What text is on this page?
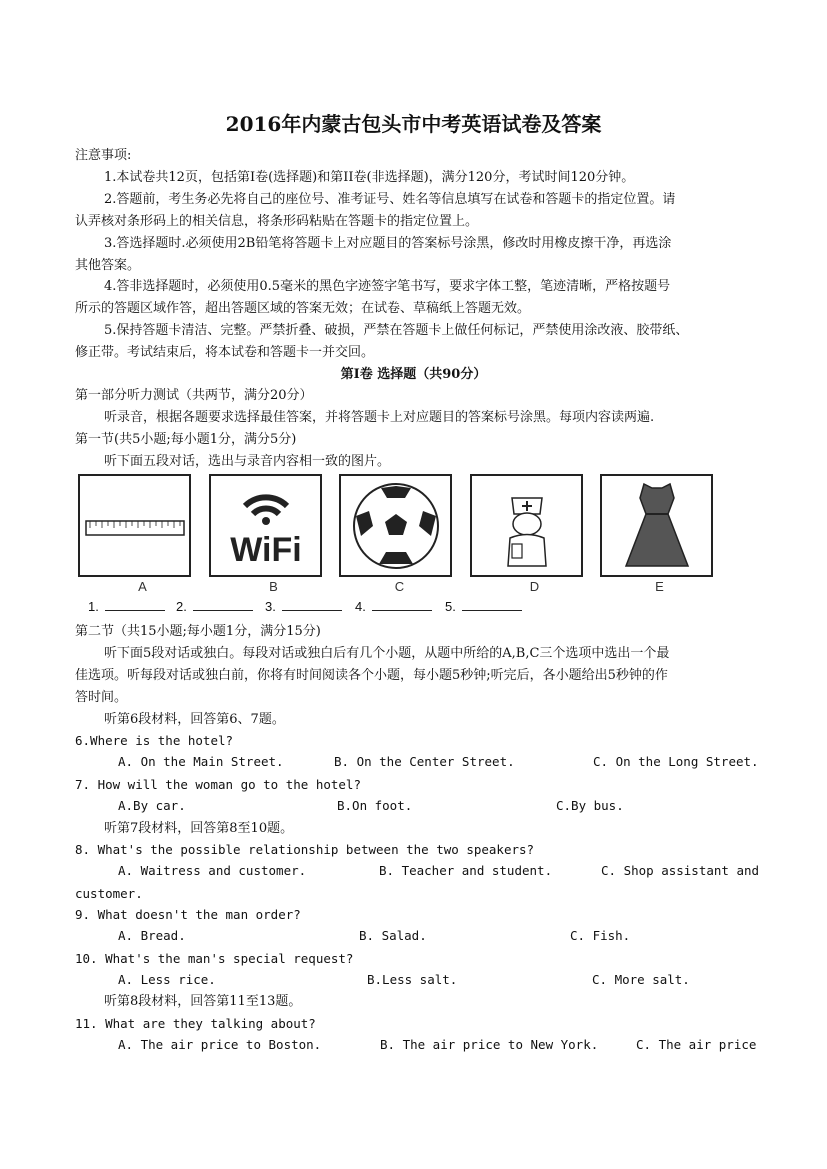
2016年内蒙古包头市中考英语试卷及答案
注意事项:
1.本试卷共12页，包括第Ⅰ卷(选择题)和第II卷(非选择题)，满分120分，考试时间120分钟。
2.答题前，考生务必先将自己的座位号、准考证号、姓名等信息填写在试卷和答题卡的指定位置。请
认弄核对条形码上的相关信息，将条形码粘贴在答题卡的指定位置上。
3.答选择题时.必须使用2B铅笔将答题卡上对应题目的答案标号涂黑，修改时用橡皮擦干净，再选涂
其他答案。
4.答非选择题时，必须使用0.5毫米的黑色字迹签字笔书写，要求字体工整，笔迹清晰，严格按题号
所示的答题区域作答，超出答题区域的答案无效；在试卷、草稿纸上答题无效。
5.保持答题卡清洁、完整。严禁折叠、破损，严禁在答题卡上做任何标记，严禁使用涂改液、胶带纸、
修正带。考试结束后，将本试卷和答题卡一并交回。
第Ⅰ卷 选择题（共90分）
第一部分听力测试（共两节，满分20分）
听录音，根据各题要求选择最佳答案，并将答题卡上对应题目的答案标号涂黑。每项内容读两遍.
第一节(共5小题;每小题1分，满分5分)
听下面五段对话，选出与录音内容相一致的图片。
WiFi
A	B	C	D	E
1.	2.	3.	4.	5.
第二节（共15小题;每小题1分，满分15分)
听下面5段对话或独白。每段对话或独白后有几个小题，从题中所给的A,B,C三个选项中选出一个最
佳选项。听每段对话或独白前，你将有时间阅读各个小题，每小题5秒钟;听完后，各小题给出5秒钟的作
答时间。
听第6段材料，回答第6、7题。
6.Where is the hotel?
A. On the Main Street.	B. On the Center Street.	C. On the Long Street.
7. How will the woman go to the hotel?
A.By car.	B.On foot.	C.By bus.
听第7段材料，回答第8至10题。
8. What's the possible relationship between the two speakers?
A. Waitress and customer.	B. Teacher and student.	C. Shop assistant and
customer.
9. What doesn't the man order?
A. Bread.	B. Salad.	C. Fish.
10. What's the man's special request?
A. Less rice.	B.Less salt.	C. More salt.
听第8段材料，回答第11至13题。
11. What are they talking about?
A. The air price to Boston.	B. The air price to New York.	C. The air price
